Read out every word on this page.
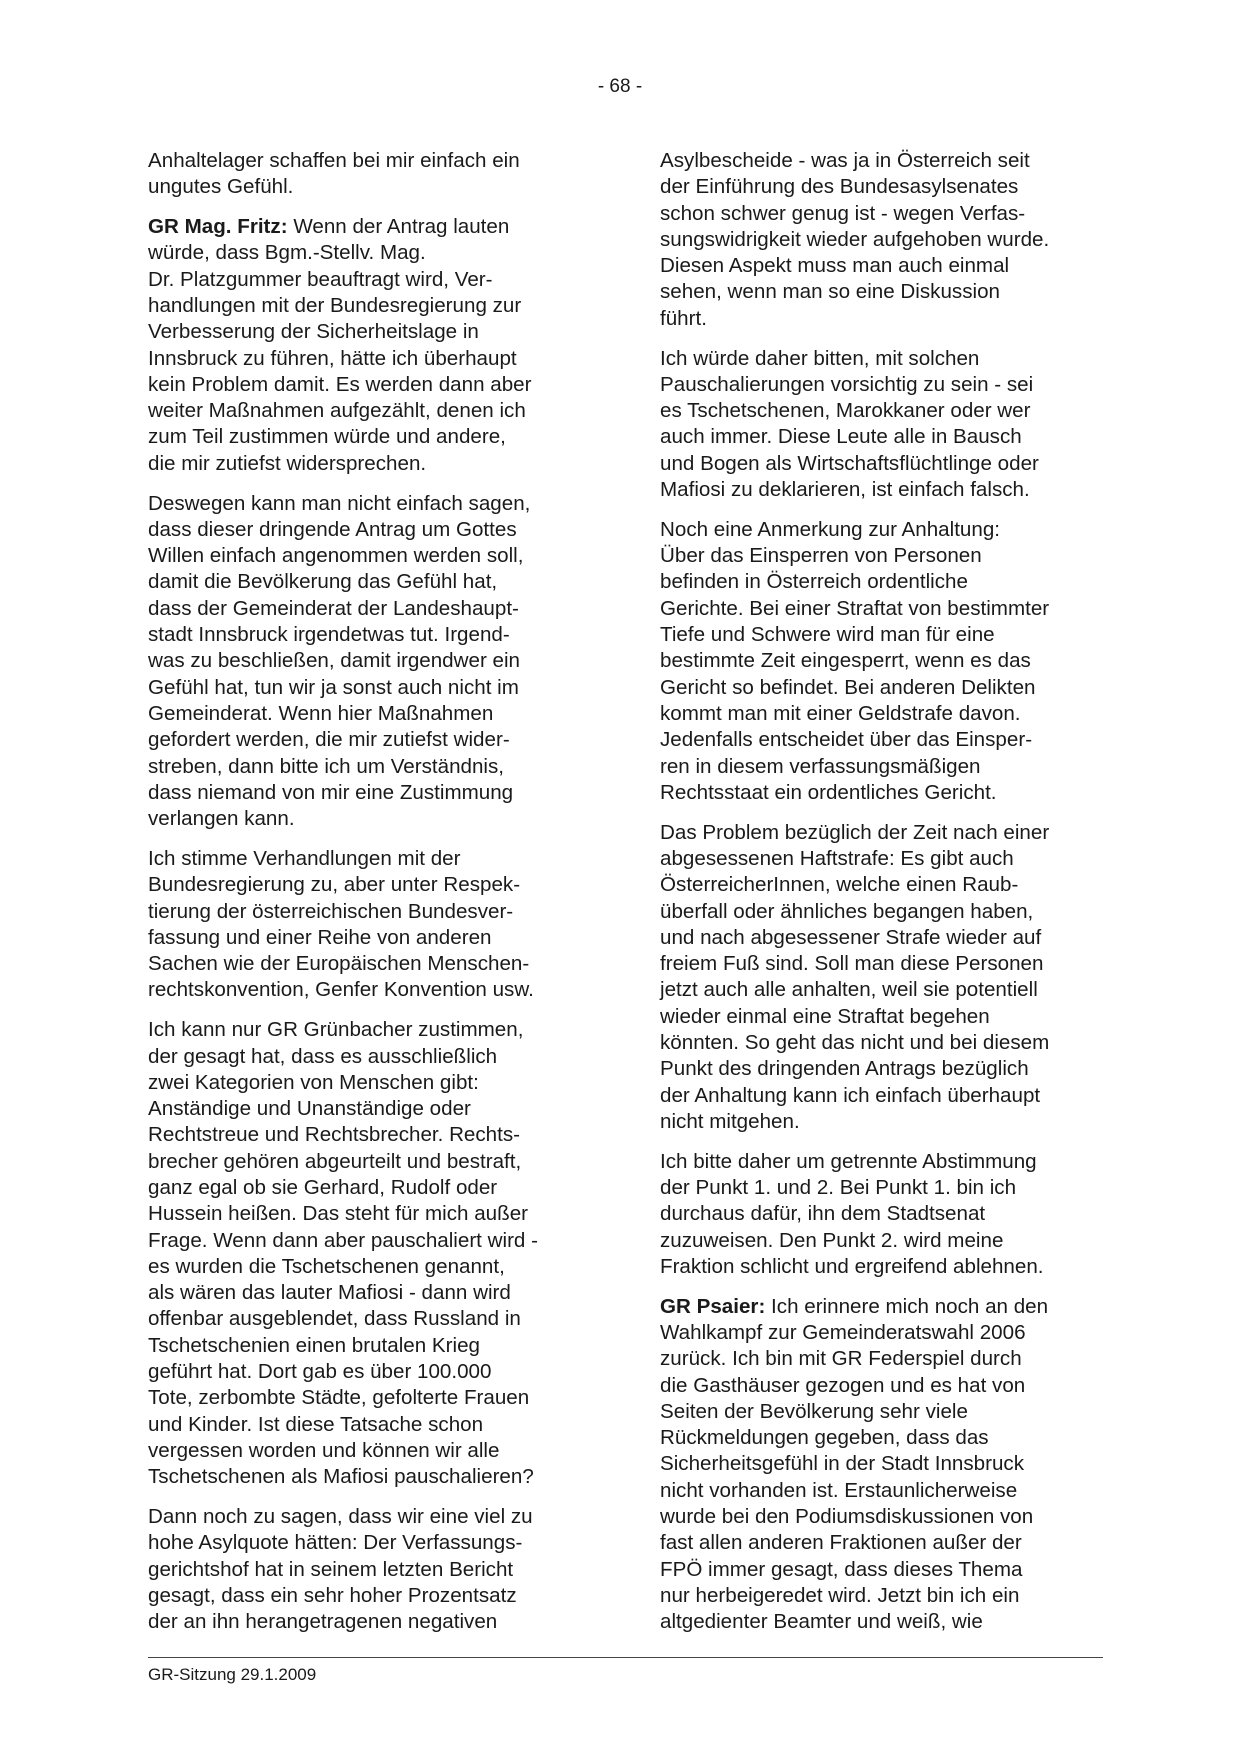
- 68 -

Anhaltelager schaffen bei mir einfach ein
ungutes Gefühl.

GR Mag. Fritz: Wenn der Antrag lauten
würde, dass Bgm.-Stellv. Mag.
Dr. Platzgummer beauftragt wird, Ver-
handlungen mit der Bundesregierung zur
Verbesserung der Sicherheitslage in
Innsbruck zu führen, hätte ich überhaupt
kein Problem damit. Es werden dann aber
weiter Maßnahmen aufgezählt, denen ich
zum Teil zustimmen würde und andere,
die mir zutiefst widersprechen.

Deswegen kann man nicht einfach sagen,
dass dieser dringende Antrag um Gottes
Willen einfach angenommen werden soll,
damit die Bevölkerung das Gefühl hat,
dass der Gemeinderat der Landeshaupt-
stadt Innsbruck irgendetwas tut. Irgend-
was zu beschließen, damit irgendwer ein
Gefühl hat, tun wir ja sonst auch nicht im
Gemeinderat. Wenn hier Maßnahmen
gefordert werden, die mir zutiefst wider-
streben, dann bitte ich um Verständnis,
dass niemand von mir eine Zustimmung
verlangen kann.

Ich stimme Verhandlungen mit der
Bundesregierung zu, aber unter Respek-
tierung der österreichischen Bundesver-
fassung und einer Reihe von anderen
Sachen wie der Europäischen Menschen-
rechtskonvention, Genfer Konvention usw.

Ich kann nur GR Grünbacher zustimmen,
der gesagt hat, dass es ausschließlich
zwei Kategorien von Menschen gibt:
Anständige und Unanständige oder
Rechtstreue und Rechtsbrecher. Rechts-
brecher gehören abgeurteilt und bestraft,
ganz egal ob sie Gerhard, Rudolf oder
Hussein heißen. Das steht für mich außer
Frage. Wenn dann aber pauschaliert wird -
es wurden die Tschetschenen genannt,
als wären das lauter Mafiosi - dann wird
offenbar ausgeblendet, dass Russland in
Tschetschenien einen brutalen Krieg
geführt hat. Dort gab es über 100.000
Tote, zerbombte Städte, gefolterte Frauen
und Kinder. Ist diese Tatsache schon
vergessen worden und können wir alle
Tschetschenen als Mafiosi pauschalieren?

Dann noch zu sagen, dass wir eine viel zu
hohe Asylquote hätten: Der Verfassungs-
gerichtshof hat in seinem letzten Bericht
gesagt, dass ein sehr hoher Prozentsatz
der an ihn herangetragenen negativen

Asylbescheide - was ja in Österreich seit
der Einführung des Bundesasylsenates
schon schwer genug ist - wegen Verfas-
sungswidrigkeit wieder aufgehoben wurde.
Diesen Aspekt muss man auch einmal
sehen, wenn man so eine Diskussion
führt.

Ich würde daher bitten, mit solchen
Pauschalierungen vorsichtig zu sein - sei
es Tschetschenen, Marokkaner oder wer
auch immer. Diese Leute alle in Bausch
und Bogen als Wirtschaftsflüchtlinge oder
Mafiosi zu deklarieren, ist einfach falsch.

Noch eine Anmerkung zur Anhaltung:
Über das Einsperren von Personen
befinden in Österreich ordentliche
Gerichte. Bei einer Straftat von bestimmter
Tiefe und Schwere wird man für eine
bestimmte Zeit eingesperrt, wenn es das
Gericht so befindet. Bei anderen Delikten
kommt man mit einer Geldstrafe davon.
Jedenfalls entscheidet über das Einsper-
ren in diesem verfassungsmäßigen
Rechtsstaat ein ordentliches Gericht.

Das Problem bezüglich der Zeit nach einer
abgesessenen Haftstrafe: Es gibt auch
ÖsterreicherInnen, welche einen Raub-
überfall oder ähnliches begangen haben,
und nach abgesessener Strafe wieder auf
freiem Fuß sind. Soll man diese Personen
jetzt auch alle anhalten, weil sie potentiell
wieder einmal eine Straftat begehen
könnten. So geht das nicht und bei diesem
Punkt des dringenden Antrags bezüglich
der Anhaltung kann ich einfach überhaupt
nicht mitgehen.

Ich bitte daher um getrennte Abstimmung
der Punkt 1. und 2. Bei Punkt 1. bin ich
durchaus dafür, ihn dem Stadtsenat
zuzuweisen. Den Punkt 2. wird meine
Fraktion schlicht und ergreifend ablehnen.

GR Psaier: Ich erinnere mich noch an den
Wahlkampf zur Gemeinderatswahl 2006
zurück. Ich bin mit GR Federspiel durch
die Gasthäuser gezogen und es hat von
Seiten der Bevölkerung sehr viele
Rückmeldungen gegeben, dass das
Sicherheitsgefühl in der Stadt Innsbruck
nicht vorhanden ist. Erstaunlicherweise
wurde bei den Podiumsdiskussionen von
fast allen anderen Fraktionen außer der
FPÖ immer gesagt, dass dieses Thema
nur herbeigeredet wird. Jetzt bin ich ein
altgedienter Beamter und weiß, wie

GR-Sitzung 29.1.2009
